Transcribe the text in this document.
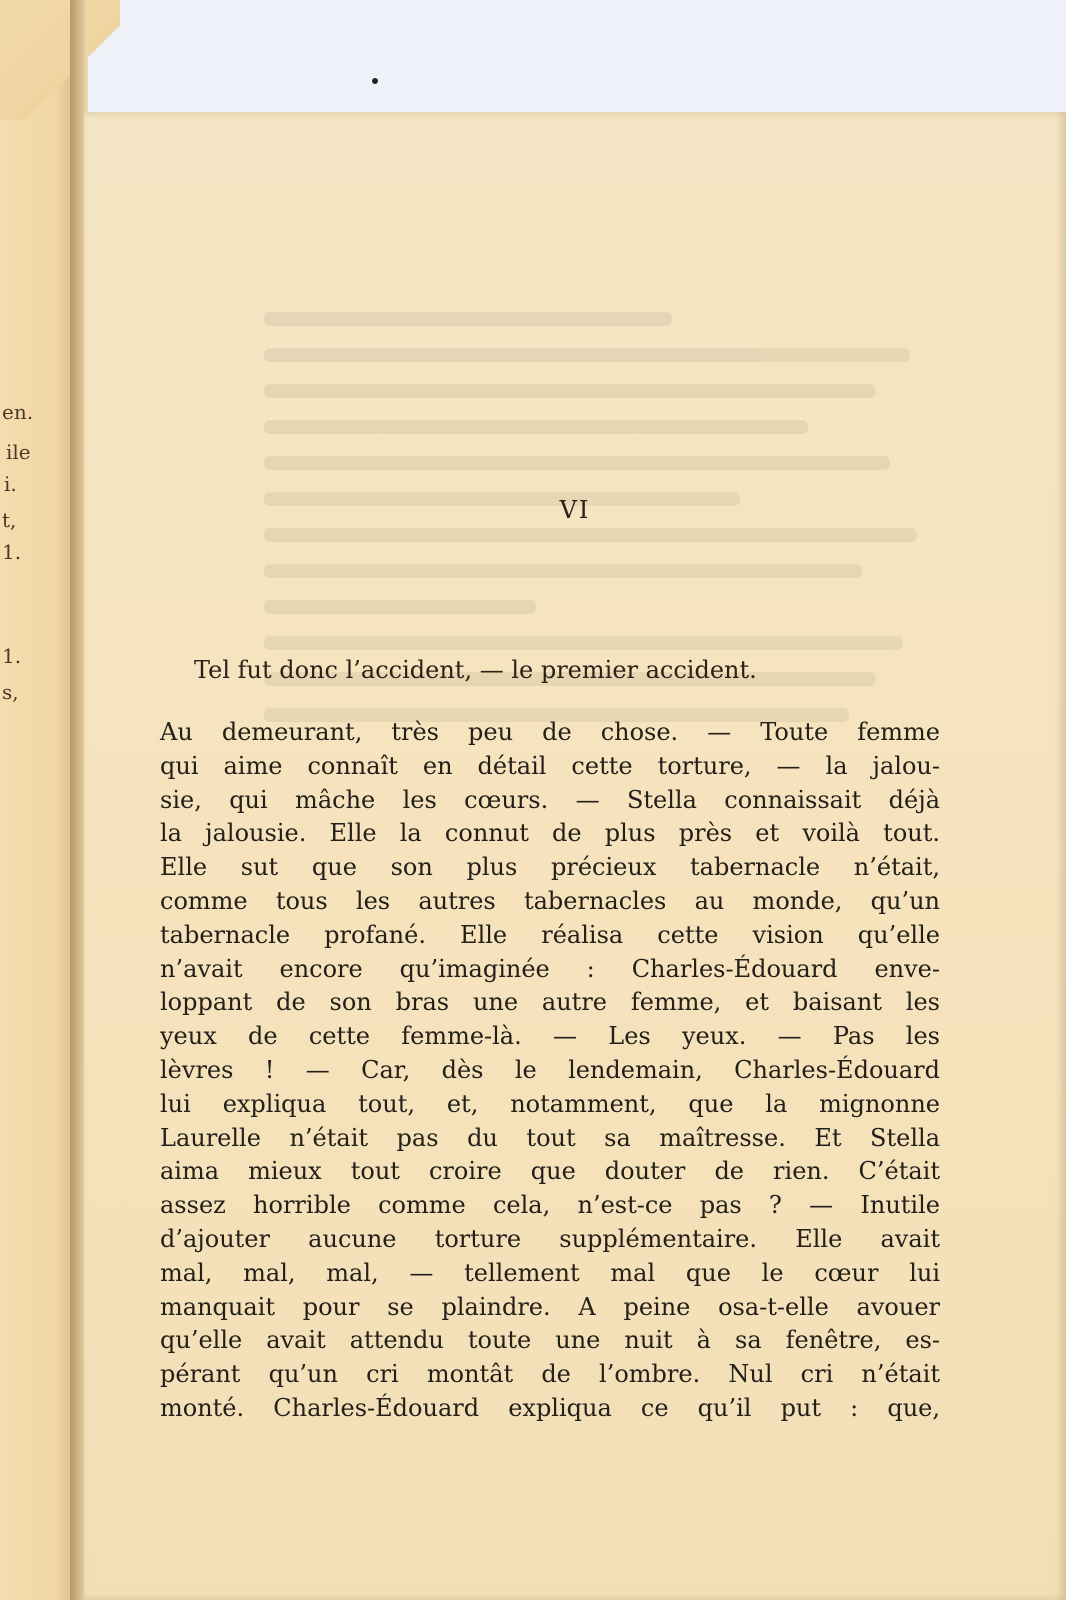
en.
ile
i.
t,
1.
1.
s,
VI
Tel fut donc l’accident, — le premier accident.
Au demeurant, très peu de chose. — Toute femme
qui aime connaît en détail cette torture, — la jalou-
sie, qui mâche les cœurs. — Stella connaissait déjà
la jalousie. Elle la connut de plus près et voilà tout.
Elle sut que son plus précieux tabernacle n’était,
comme tous les autres tabernacles au monde, qu’un
tabernacle profané. Elle réalisa cette vision qu’elle
n’avait encore qu’imaginée : Charles-Édouard enve-
loppant de son bras une autre femme, et baisant les
yeux de cette femme-là. — Les yeux. — Pas les
lèvres ! — Car, dès le lendemain, Charles-Édouard
lui expliqua tout, et, notamment, que la mignonne
Laurelle n’était pas du tout sa maîtresse. Et Stella
aima mieux tout croire que douter de rien. C’était
assez horrible comme cela, n’est-ce pas ? — Inutile
d’ajouter aucune torture supplémentaire. Elle avait
mal, mal, mal, — tellement mal que le cœur lui
manquait pour se plaindre. A peine osa-t-elle avouer
qu’elle avait attendu toute une nuit à sa fenêtre, es-
pérant qu’un cri montât de l’ombre. Nul cri n’était
monté. Charles-Édouard expliqua ce qu’il put : que,
